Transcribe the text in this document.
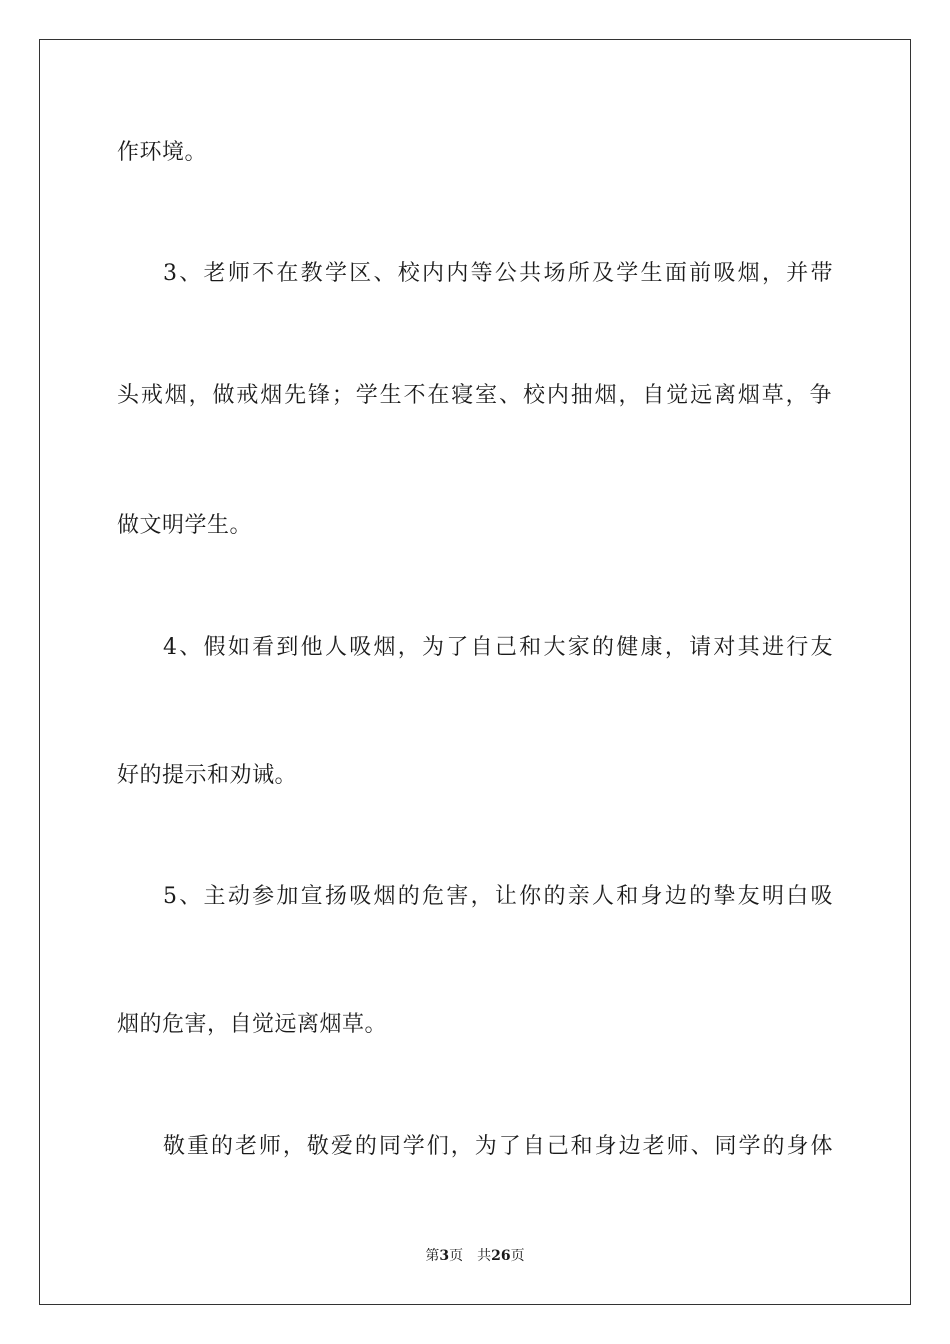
作环境。
3、老师不在教学区、校内内等公共场所及学生面前吸烟，并带
头戒烟，做戒烟先锋；学生不在寝室、校内抽烟，自觉远离烟草，争
做文明学生。
4、假如看到他人吸烟，为了自己和大家的健康，请对其进行友
好的提示和劝诫。
5、主动参加宣扬吸烟的危害，让你的亲人和身边的挚友明白吸
烟的危害，自觉远离烟草。
敬重的老师，敬爱的同学们，为了自己和身边老师、同学的身体
第3页 共26页
